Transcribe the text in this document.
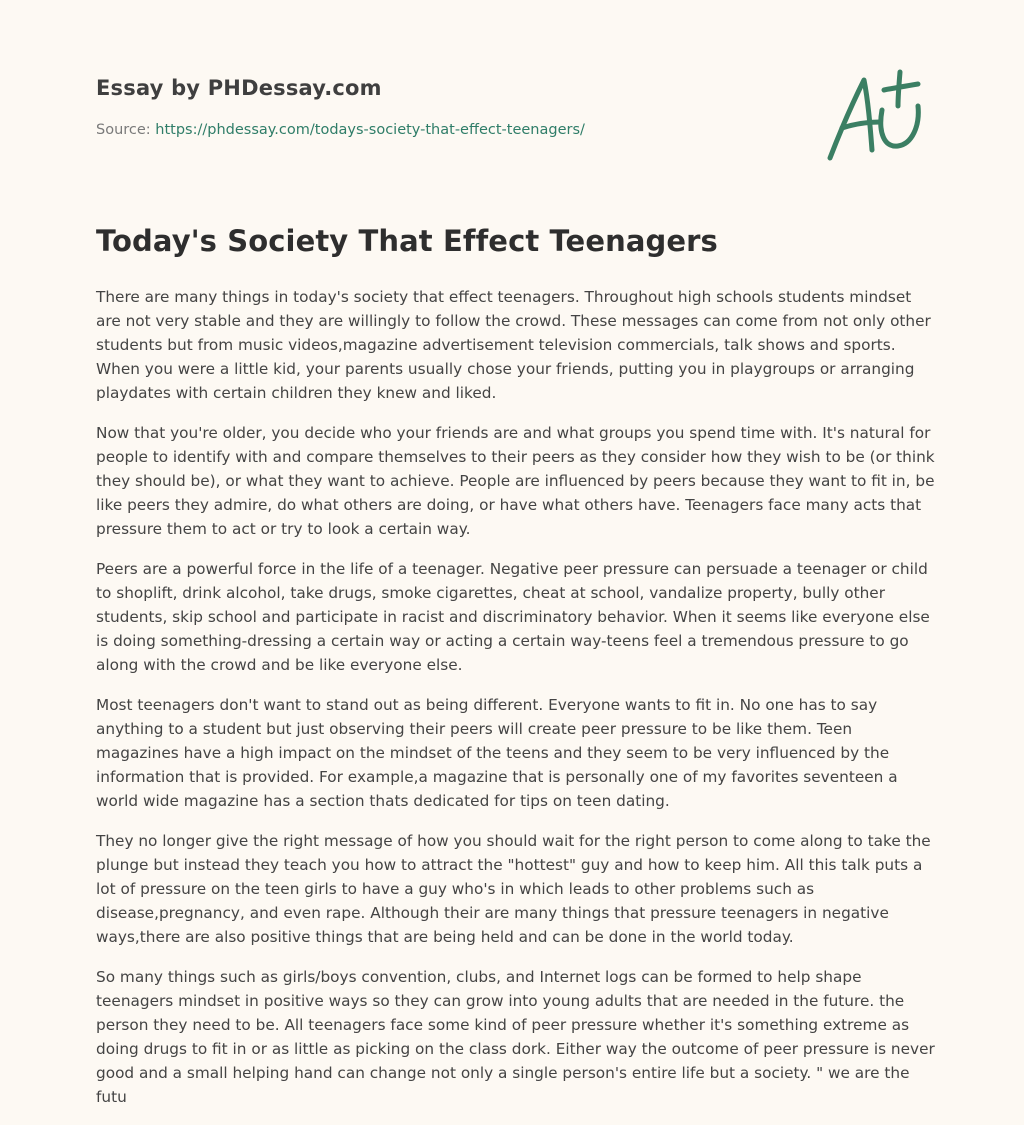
Essay by PHDessay.com
Source: https://phdessay.com/todays-society-that-effect-teenagers/
Today's Society That Effect Teenagers

There are many things in today's society that effect teenagers. Throughout high schools students mindset are not very stable and they are willingly to follow the crowd. These messages can come from not only other students but from music videos,magazine advertisement television commercials, talk shows and sports. When you were a little kid, your parents usually chose your friends, putting you in playgroups or arranging playdates with certain children they knew and liked.

Now that you're older, you decide who your friends are and what groups you spend time with. It's natural for people to identify with and compare themselves to their peers as they consider how they wish to be (or think they should be), or what they want to achieve. People are influenced by peers because they want to fit in, be like peers they admire, do what others are doing, or have what others have. Teenagers face many acts that pressure them to act or try to look a certain way.

Peers are a powerful force in the life of a teenager. Negative peer pressure can persuade a teenager or child to shoplift, drink alcohol, take drugs, smoke cigarettes, cheat at school, vandalize property, bully other students, skip school and participate in racist and discriminatory behavior. When it seems like everyone else is doing something-dressing a certain way or acting a certain way-teens feel a tremendous pressure to go along with the crowd and be like everyone else.

Most teenagers don't want to stand out as being different. Everyone wants to fit in. No one has to say anything to a student but just observing their peers will create peer pressure to be like them. Teen magazines have a high impact on the mindset of the teens and they seem to be very influenced by the information that is provided. For example,a magazine that is personally one of my favorites seventeen a world wide magazine has a section thats dedicated for tips on teen dating.

They no longer give the right message of how you should wait for the right person to come along to take the plunge but instead they teach you how to attract the "hottest" guy and how to keep him. All this talk puts a lot of pressure on the teen girls to have a guy who's in which leads to other problems such as disease,pregnancy, and even rape. Although their are many things that pressure teenagers in negative ways,there are also positive things that are being held and can be done in the world today.

So many things such as girls/boys convention, clubs, and Internet logs can be formed to help shape teenagers mindset in positive ways so they can grow into young adults that are needed in the future. the person they need to be. All teenagers face some kind of peer pressure whether it's something extreme as doing drugs to fit in or as little as picking on the class dork. Either way the outcome of peer pressure is never good and a small helping hand can change not only a single person's entire life but a society. " we are the futu
